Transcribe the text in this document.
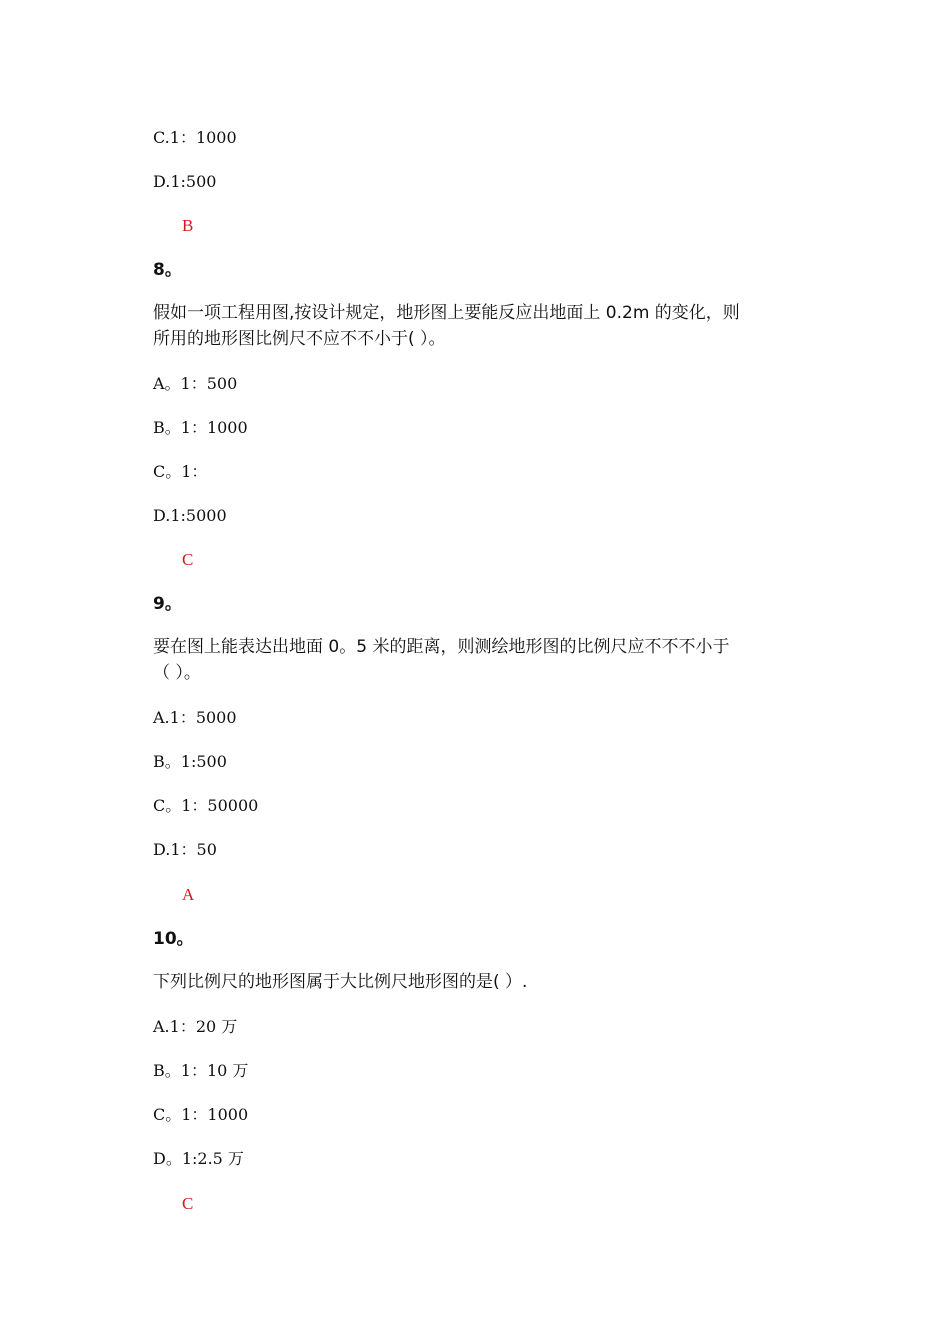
C.1：1000
D.1:500
B
8。
假如一项工程用图,按设计规定，地形图上要能反应出地面上 0.2m 的变化，则
所用的地形图比例尺不应不不小于( ）。
A。1：500
B。1：1000
C。1：
D.1:5000
C
9。
要在图上能表达出地面 0。5 米的距离，则测绘地形图的比例尺应不不不小于
（ ）。
A.1：5000
B。1:500
C。1：50000
D.1：50
A
10。
下列比例尺的地形图属于大比例尺地形图的是( ）.
A.1：20 万
B。1：10 万
C。1：1000
D。1:2.5 万
C
